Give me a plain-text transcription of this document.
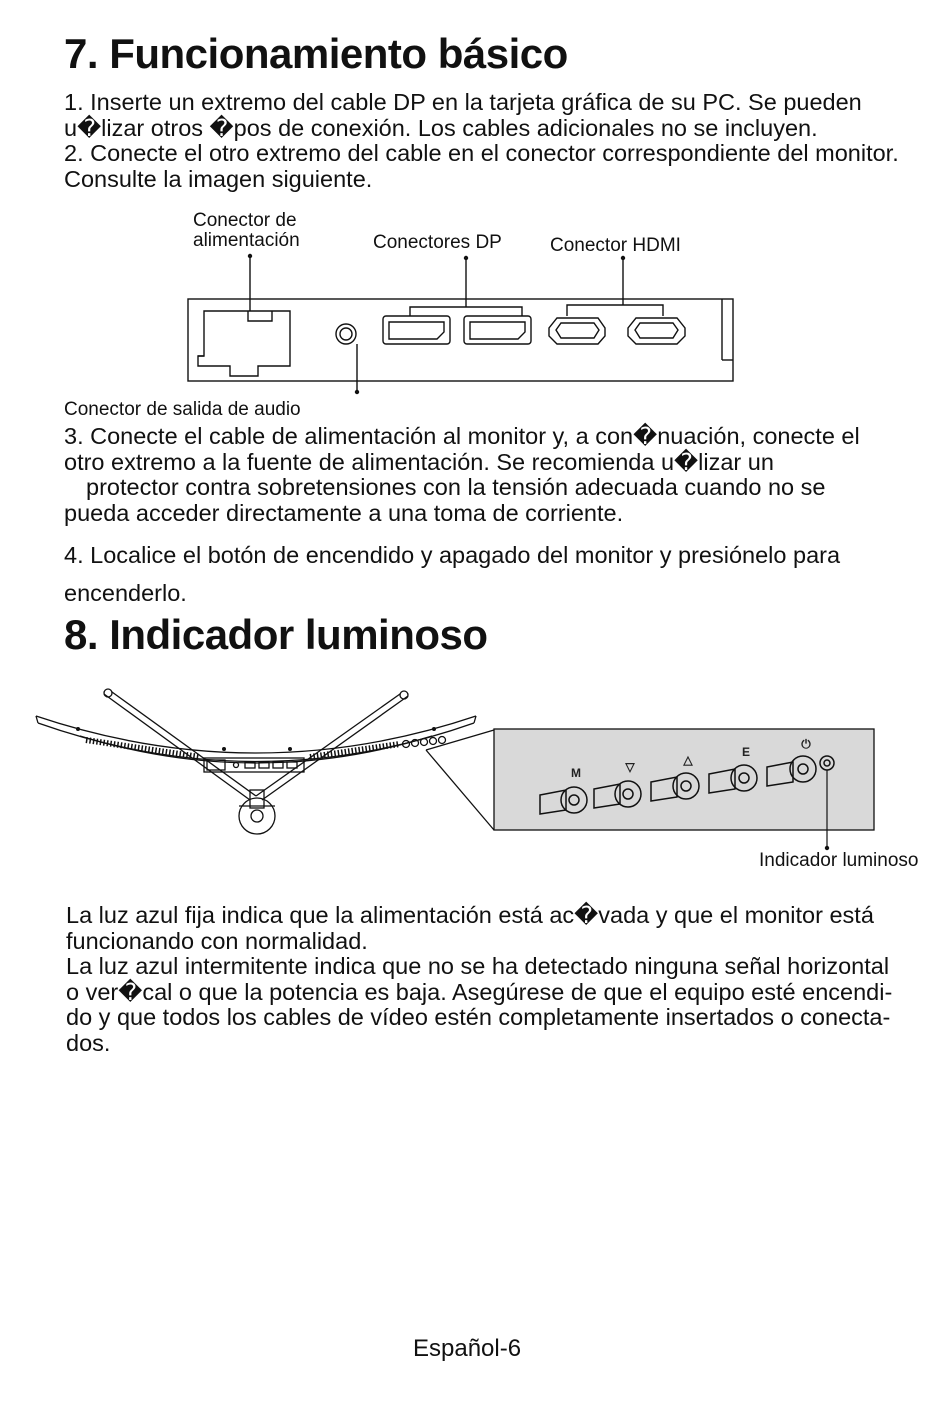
7. Funcionamiento básico
1. Inserte un extremo del cable DP en la tarjeta gráfica de su PC. Se pueden
u�lizar otros �pos de conexión. Los cables adicionales no se incluyen.
2. Conecte el otro extremo del cable en el conector correspondiente del monitor.
Consulte la imagen siguiente.
Conector de
alimentación	Conectores DP	Conector HDMI
Conector de salida de audio
3. Conecte el cable de alimentación al monitor y, a con�nuación, conecte el
otro extremo a la fuente de alimentación. Se recomienda u�lizar un
protector contra sobretensiones con la tensión adecuada cuando no se
pueda acceder directamente a una toma de corriente.
4. Localice el botón de encendido y apagado del monitor y presiónelo para
encenderlo.
8. Indicador luminoso
M	▽	△
E
⏻
Indicador luminoso
La luz azul fija indica que la alimentación está ac�vada y que el monitor está
funcionando con normalidad.
La luz azul intermitente indica que no se ha detectado ninguna señal horizontal
o ver�cal o que la potencia es baja. Asegúrese de que el equipo esté encendi-
do y que todos los cables de vídeo estén completamente insertados o conecta-
dos.
Español-6
